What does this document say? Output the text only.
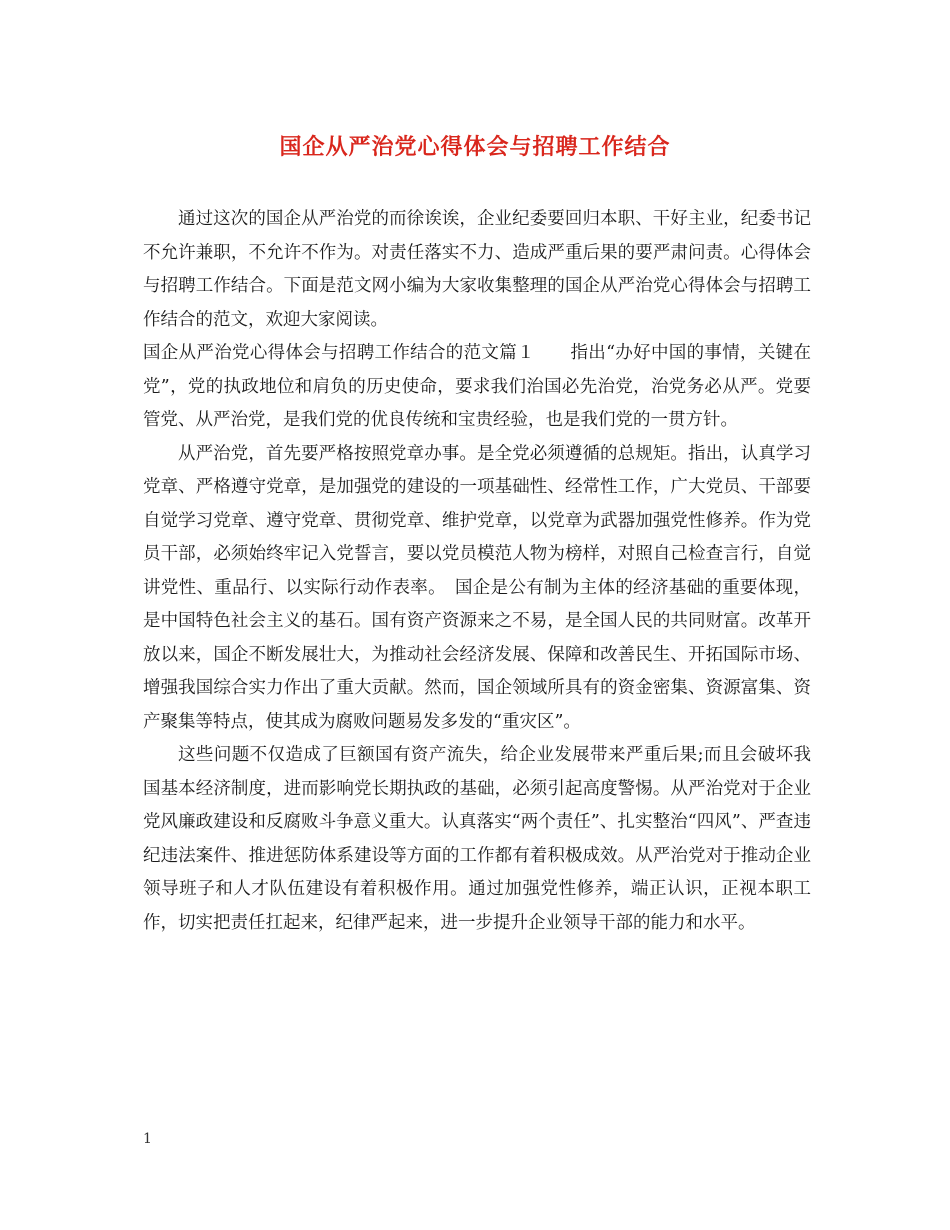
国企从严治党心得体会与招聘工作结合

通过这次的国企从严治党的而徐诶诶，企业纪委要回归本职、干好主业，纪委书记不允许兼职，不允许不作为。对责任落实不力、造成严重后果的要严肃问责。心得体会与招聘工作结合。下面是范文网小编为大家收集整理的国企从严治党心得体会与招聘工作结合的范文，欢迎大家阅读。

国企从严治党心得体会与招聘工作结合的范文篇１　　指出“办好中国的事情，关键在党”，党的执政地位和肩负的历史使命，要求我们治国必先治党，治党务必从严。党要管党、从严治党，是我们党的优良传统和宝贵经验，也是我们党的一贯方针。

从严治党，首先要严格按照党章办事。是全党必须遵循的总规矩。指出，认真学习党章、严格遵守党章，是加强党的建设的一项基础性、经常性工作，广大党员、干部要自觉学习党章、遵守党章、贯彻党章、维护党章，以党章为武器加强党性修养。作为党员干部，必须始终牢记入党誓言，要以党员模范人物为榜样，对照自己检查言行，自觉讲党性、重品行、以实际行动作表率。　国企是公有制为主体的经济基础的重要体现，是中国特色社会主义的基石。国有资产资源来之不易，是全国人民的共同财富。改革开放以来，国企不断发展壮大，为推动社会经济发展、保障和改善民生、开拓国际市场、增强我国综合实力作出了重大贡献。然而，国企领域所具有的资金密集、资源富集、资产聚集等特点，使其成为腐败问题易发多发的“重灾区”。

这些问题不仅造成了巨额国有资产流失，给企业发展带来严重后果;而且会破坏我国基本经济制度，进而影响党长期执政的基础，必须引起高度警惕。从严治党对于企业党风廉政建设和反腐败斗争意义重大。认真落实“两个责任”、扎实整治“四风”、严查违纪违法案件、推进惩防体系建设等方面的工作都有着积极成效。从严治党对于推动企业领导班子和人才队伍建设有着积极作用。通过加强党性修养，端正认识，正视本职工作，切实把责任扛起来，纪律严起来，进一步提升企业领导干部的能力和水平。

1
